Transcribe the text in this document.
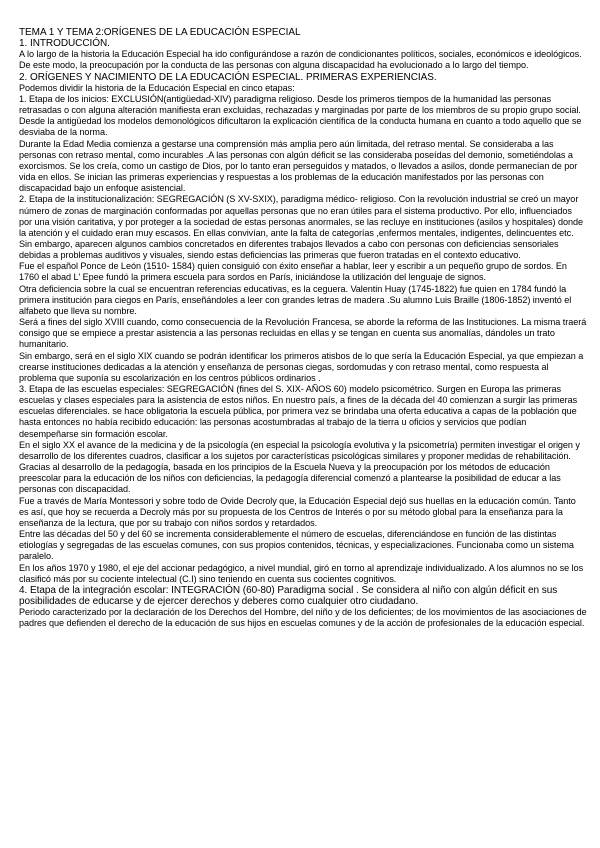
TEMA 1 Y TEMA 2:ORÍGENES DE LA EDUCACIÓN ESPECIAL

1. INTRODUCCIÓN.

A lo largo de la historia la Educación Especial ha ido configurándose a razón de condicionantes políticos, sociales, económicos e ideológicos. De este modo, la preocupación por la conducta de las personas con alguna discapacidad ha evolucionado a lo largo del tiempo.

2. ORÍGENES Y NACIMIENTO DE LA EDUCACIÓN ESPECIAL. PRIMERAS EXPERIENCIAS.

Podemos dividir la historia de la Educación Especial en cinco etapas:

1. Etapa de los inicios: EXCLUSIÓN(antigüedad-XIV) paradigma religioso. Desde los primeros tiempos de la humanidad las personas retrasadas o con alguna alteración manifiesta eran excluidas, rechazadas y marginadas por parte de los miembros de su propio grupo social. Desde la antigüedad los modelos demonológicos dificultaron la explicación científica de la conducta humana en cuanto a todo aquello que se desviaba de la norma.

Durante la Edad Media comienza a gestarse una comprensión más amplia pero aún limitada, del retraso mental. Se consideraba a las personas con retraso mental, como incurables .A las personas con algún déficit se las consideraba poseídas del demonio, sometiéndolas a exorcismos. Se los creía, como un castigo de Dios, por lo tanto eran perseguidos y matados, o llevados a asilos, donde permanecían de por vida en ellos. Se inician las primeras experiencias y respuestas a los problemas de la educación manifestados por las personas con discapacidad bajo un enfoque asistencial.

2. Etapa de la institucionalización: SEGREGACIÓN (S XV-SXIX), paradigma médico- religioso. Con la revolución industrial se creó un mayor número de zonas de marginación conformadas por aquellas personas que no eran útiles para el sistema productivo. Por ello, influenciados por una visión caritativa, y por proteger a la sociedad de estas personas anormales, se las recluye en instituciones (asilos y hospitales) donde la atención y el cuidado eran muy escasos. En ellas convivían, ante la falta de categorías ,enfermos mentales, indigentes, delincuentes etc. Sin embargo, aparecen algunos cambios concretados en diferentes trabajos llevados a cabo con personas con deficiencias sensoriales debidas a problemas auditivos y visuales, siendo estas deficiencias las primeras que fueron tratadas en el contexto educativo.

Fue el español Ponce de León (1510- 1584) quien consiguió con éxito enseñar a hablar, leer y escribir a un pequeño grupo de sordos. En 1760 el abad L' Epee fundó la primera escuela para sordos en París, iniciándose la utilización del lenguaje de signos.

Otra deficiencia sobre la cual se encuentran referencias educativas, es la ceguera. Valentin Huay (1745-1822) fue quien en 1784 fundó la primera institución para ciegos en París, enseñándoles a leer con grandes letras de madera .Su alumno Luis Braille (1806-1852) inventó el alfabeto que lleva su nombre.

Será a fines del siglo XVIII cuando, como consecuencia de la Revolución Francesa, se aborde la reforma de las Instituciones. La misma traerá consigo que se empiece a prestar asistencia a las personas recluidas en ellas y se tengan en cuenta sus anomalías, dándoles un trato humanitario.

Sin embargo, será en el siglo XIX cuando se podrán identificar los primeros atisbos de lo que sería la Educación Especial, ya que empiezan a crearse instituciones dedicadas a la atención y enseñanza de personas ciegas, sordomudas y con retraso mental, como respuesta al problema que suponía su escolarización en los centros públicos ordinarios .

3. Etapa de las escuelas especiales: SEGREGACIÓN (fines del S. XIX- AÑOS 60) modelo psicométrico. Surgen en Europa las primeras escuelas y clases especiales para la asistencia de estos niños. En nuestro país, a fines de la década del 40 comienzan a surgir las primeras escuelas diferenciales. se hace obligatoria la escuela pública, por primera vez se brindaba una oferta educativa a capas de la población que hasta entonces no había recibido educación: las personas acostumbradas al trabajo de la tierra u oficios y servicios que podían desempeñarse sin formación escolar.

En el siglo XX el avance de la medicina y de la psicología (en especial la psicología evolutiva y la psicometría) permiten investigar el origen y desarrollo de los diferentes cuadros, clasificar a los sujetos por características psicológicas similares y proponer medidas de rehabilitación.

Gracias al desarrollo de la pedagogía, basada en los principios de la Escuela Nueva y la preocupación por los métodos de educación preescolar para la educación de los niños con deficiencias, la pedagogía diferencial comenzó a plantearse la posibilidad de educar a las personas con discapacidad.

Fue a través de María Montessori y sobre todo de Ovide Decroly que, la Educación Especial dejó sus huellas en la educación común. Tanto es así, que hoy se recuerda a Decroly más por su propuesta de los Centros de Interés o por su método global para la enseñanza para la enseñanza de la lectura, que por su trabajo con niños sordos y retardados.

Entre las décadas del 50 y del 60 se incrementa considerablemente el número de escuelas, diferenciándose en función de las distintas etiologías y segregadas de las escuelas comunes, con sus propios contenidos, técnicas, y especializaciones. Funcionaba como un sistema paralelo.

En los años 1970 y 1980, el eje del accionar pedagógico, a nivel mundial, giró en torno al aprendizaje individualizado. A los alumnos no se los clasificó más por su cociente intelectual (C.I) sino teniendo en cuenta sus cocientes cognitivos.

4. Etapa de la integración escolar: INTEGRACIÓN (60-80) Paradigma social . Se considera al niño con algún déficit en sus posibilidades de educarse y de ejercer derechos y deberes como cualquier otro ciudadano.

Periodo caracterizado por la declaración de los Derechos del Hombre, del niño y de los deficientes; de los movimientos de las asociaciones de padres que defienden el derecho de la educación de sus hijos en escuelas comunes y de la acción de profesionales de la educación especial.
